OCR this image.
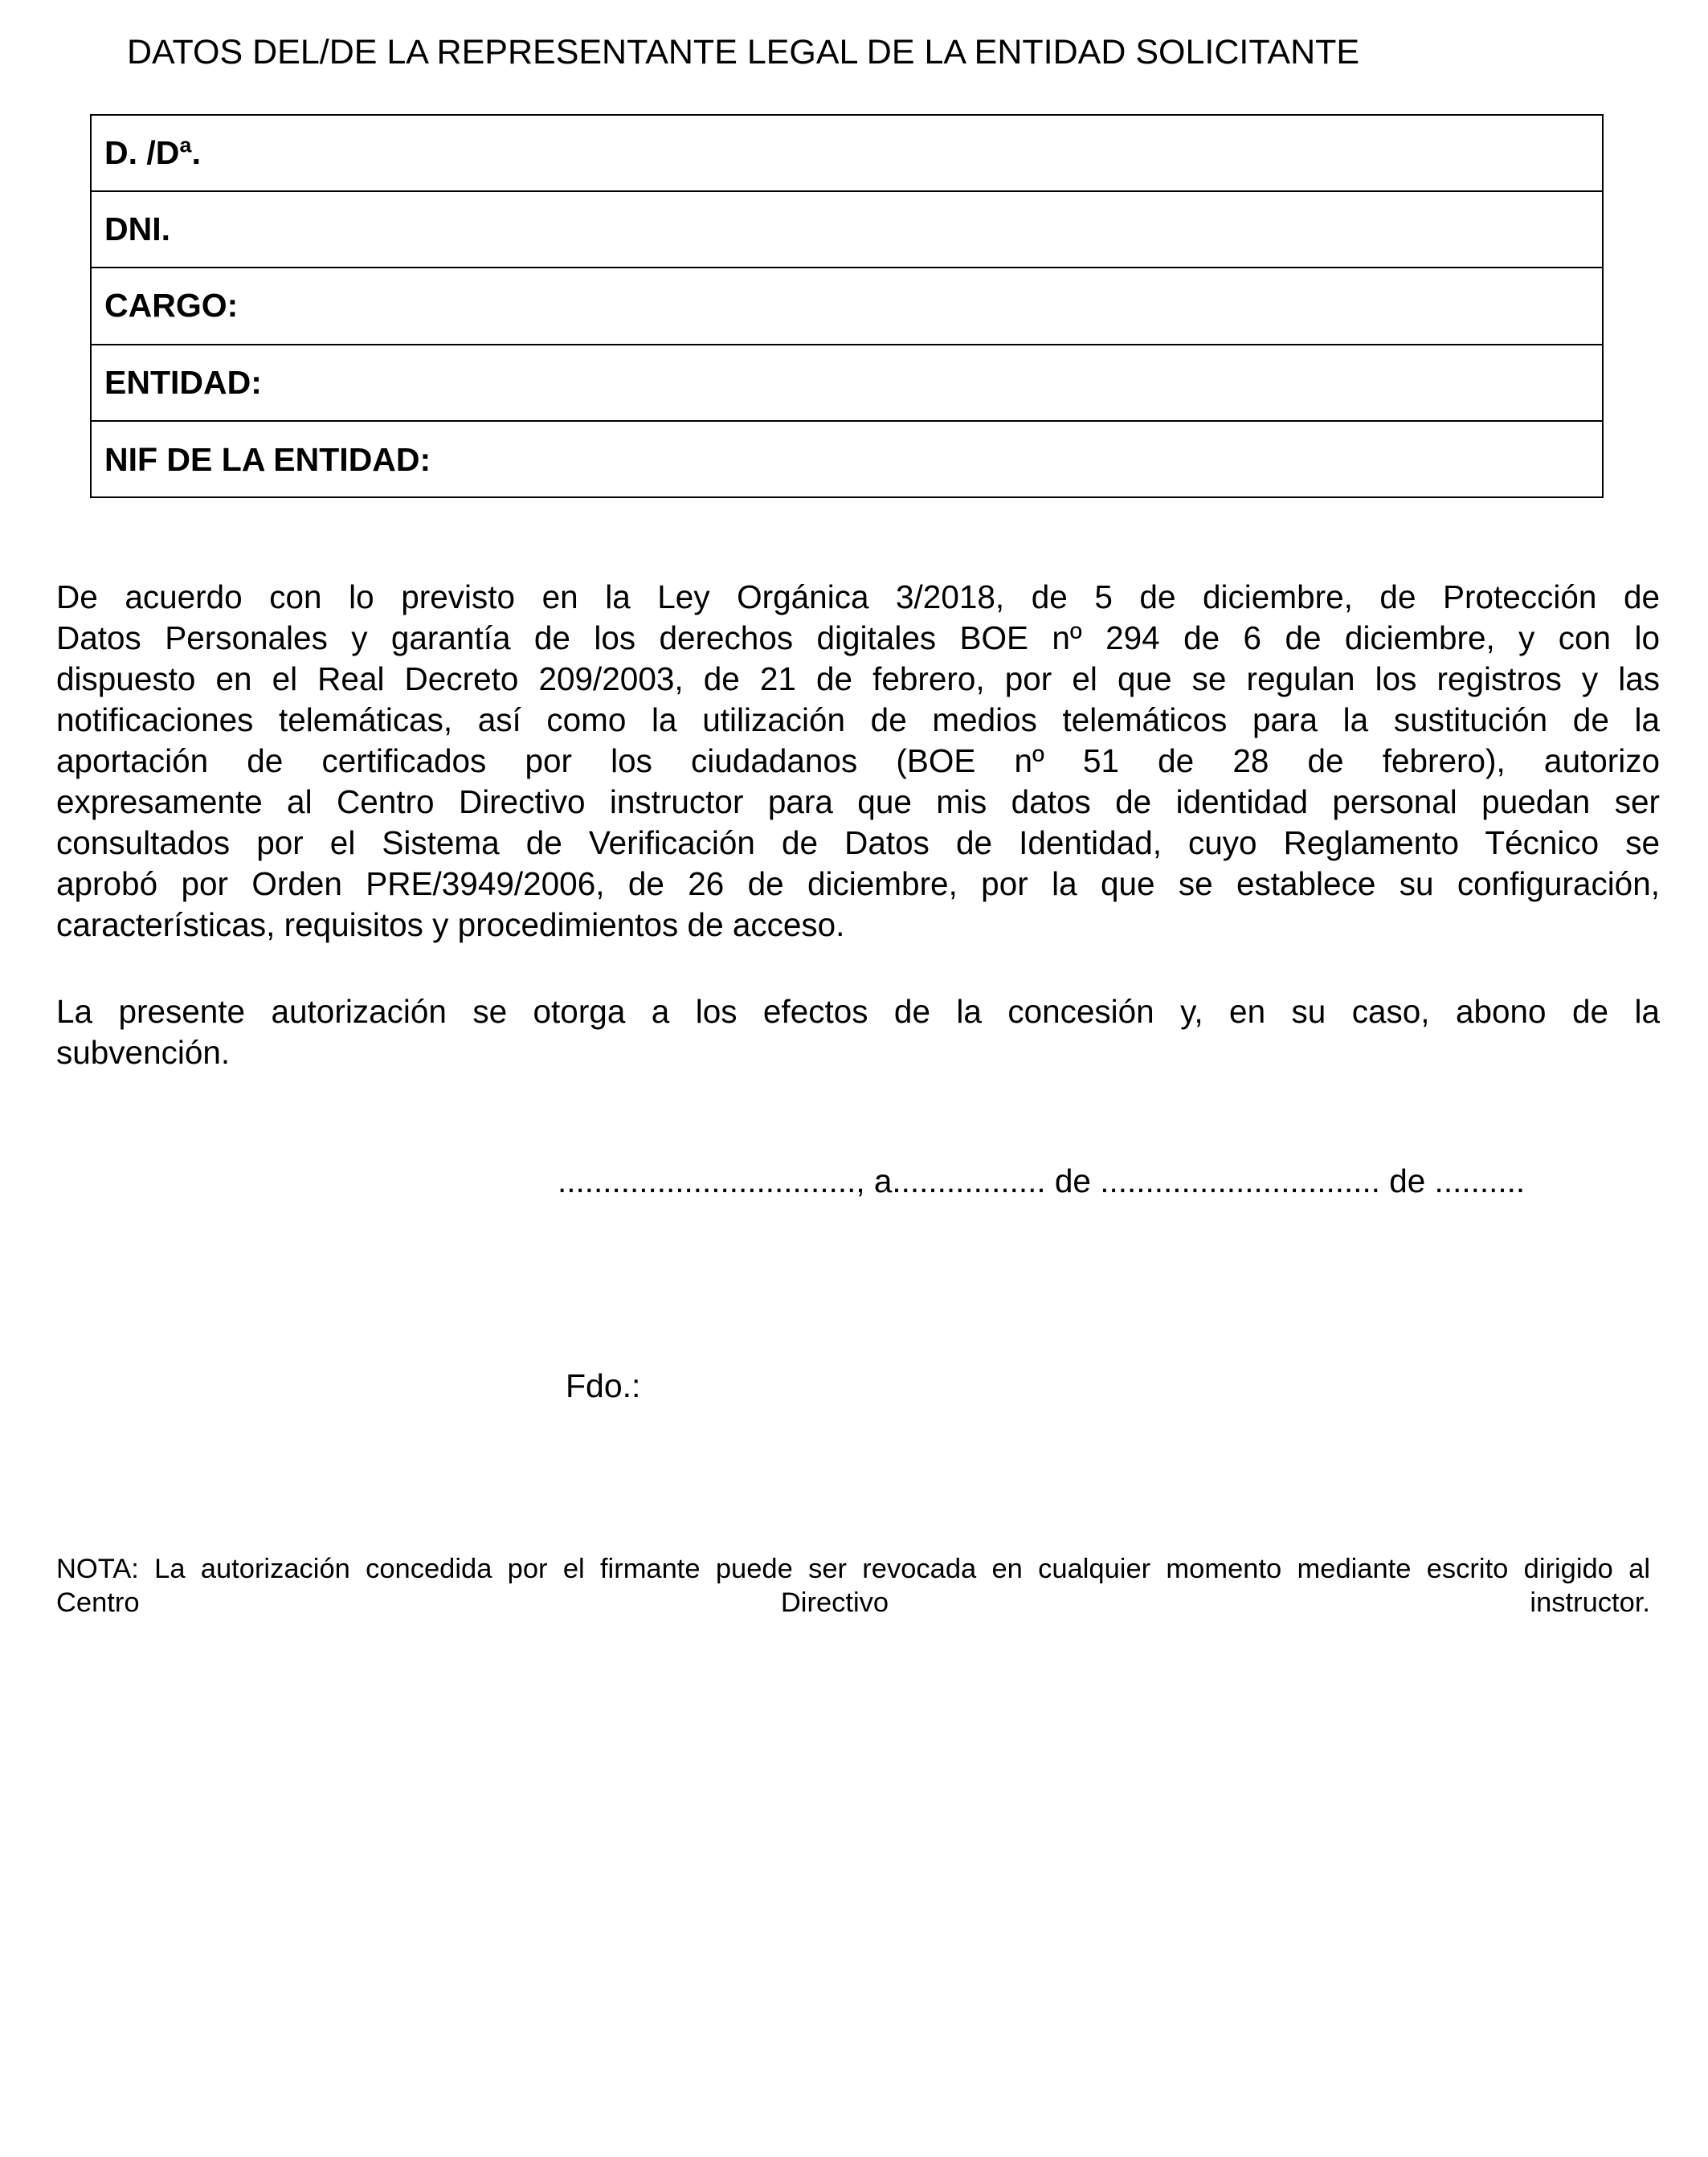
DATOS DEL/DE LA REPRESENTANTE LEGAL DE LA ENTIDAD SOLICITANTE
D. /Dª.
DNI.
CARGO:
ENTIDAD:
NIF DE LA ENTIDAD:
De acuerdo con lo previsto en la Ley Orgánica 3/2018, de 5 de diciembre, de Protección de
Datos Personales y garantía de los derechos digitales BOE nº 294 de 6 de diciembre, y con lo
dispuesto en el Real Decreto 209/2003, de 21 de febrero, por el que se regulan los registros y las
notificaciones telemáticas, así como la utilización de medios telemáticos para la sustitución de la
aportación de certificados por los ciudadanos (BOE nº 51 de 28 de febrero), autorizo
expresamente al Centro Directivo instructor para que mis datos de identidad personal puedan ser
consultados por el Sistema de Verificación de Datos de Identidad, cuyo Reglamento Técnico se
aprobó por Orden PRE/3949/2006, de 26 de diciembre, por la que se establece su configuración,
características, requisitos y procedimientos de acceso.
La presente autorización se otorga a los efectos de la concesión y, en su caso, abono de la
subvención.
................................., a................. de ............................... de ..........
Fdo.:
NOTA: La autorización concedida por el firmante puede ser revocada en cualquier momento mediante escrito dirigido al
Centro Directivo instructor.
